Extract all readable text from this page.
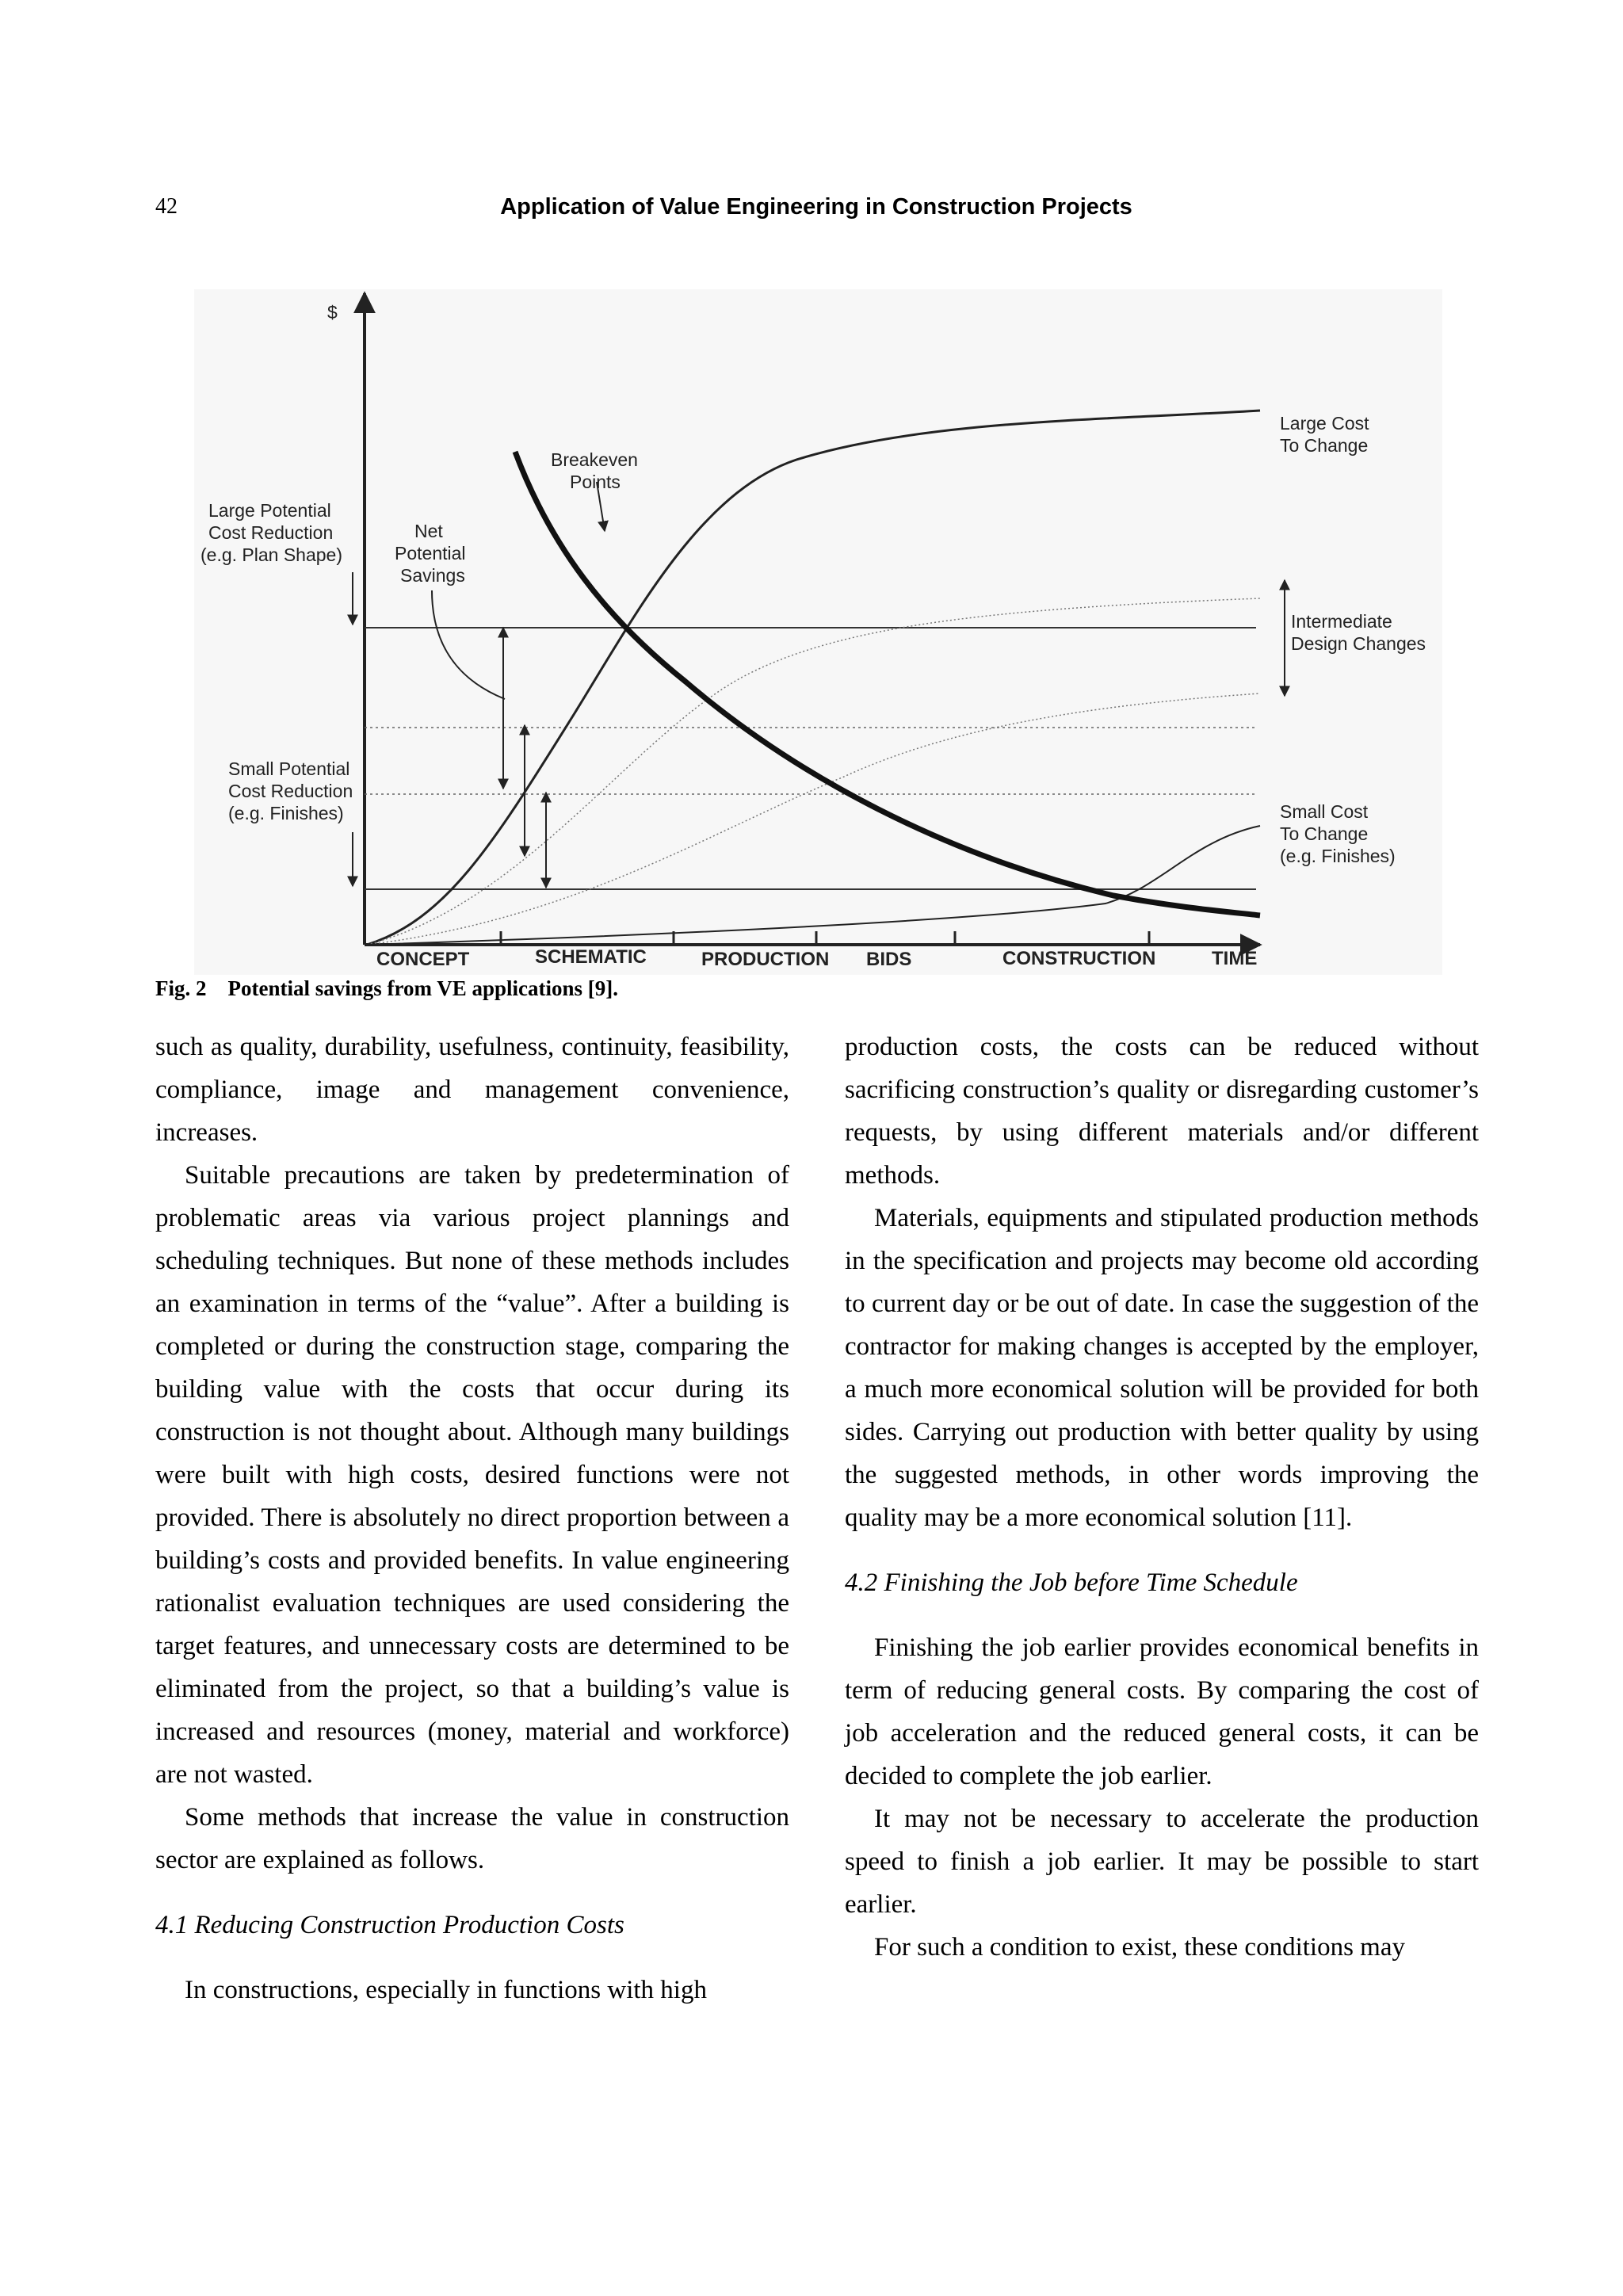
42	Application of Value Engineering in Construction Projects
$
Breakeven
Points
Large Potential
Cost Reduction
(e.g. Plan Shape)
Net
Potential
Savings
Large Cost
To Change
Intermediate
Design Changes
Small Potential
Cost Reduction
(e.g. Finishes)	Small Cost
To Change
(e.g. Finishes)
CONCEPT	SCHEMATIC	PRODUCTION BIDS	CONSTRUCTION	TIME
Fig. 2    Potential savings from VE applications [9].

such as quality, durability, usefulness, continuity, feasibility, compliance, image and management convenience, increases.

Suitable precautions are taken by predetermination of problematic areas via various project plannings and scheduling techniques. But none of these methods includes an examination in terms of the “value”. After a building is completed or during the construction stage, comparing the building value with the costs that occur during its construction is not thought about. Although many buildings were built with high costs, desired functions were not provided. There is absolutely no direct proportion between a building’s costs and provided benefits. In value engineering rationalist evaluation techniques are used considering the target features, and unnecessary costs are determined to be eliminated from the project, so that a building’s value is increased and resources (money, material and workforce) are not wasted.

Some methods that increase the value in construction sector are explained as follows.

4.1 Reducing Construction Production Costs

In constructions, especially in functions with high

production costs, the costs can be reduced without sacrificing construction’s quality or disregarding customer’s requests, by using different materials and/or different methods.

Materials, equipments and stipulated production methods in the specification and projects may become old according to current day or be out of date. In case the suggestion of the contractor for making changes is accepted by the employer, a much more economical solution will be provided for both sides. Carrying out production with better quality by using the suggested methods, in other words improving the quality may be a more economical solution [11].

4.2 Finishing the Job before Time Schedule

Finishing the job earlier provides economical benefits in term of reducing general costs. By comparing the cost of job acceleration and the reduced general costs, it can be decided to complete the job earlier.

It may not be necessary to accelerate the production speed to finish a job earlier. It may be possible to start earlier.

For such a condition to exist, these conditions may
